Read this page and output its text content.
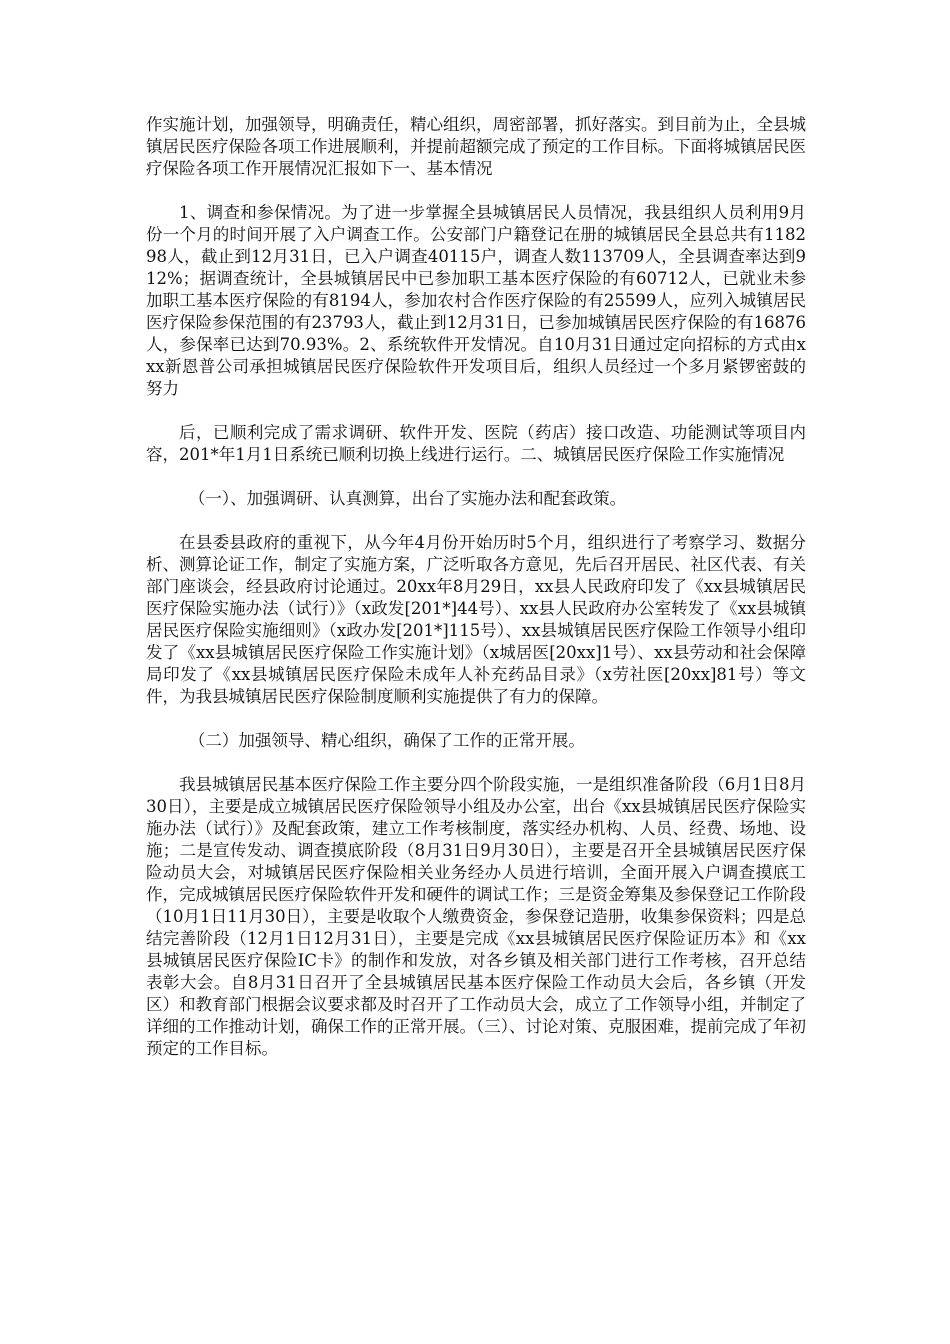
作实施计划，加强领导，明确责任，精心组织，周密部署，抓好落实。到目前为止，全县城镇居民医疗保险各项工作进展顺利，并提前超额完成了预定的工作目标。下面将城镇居民医疗保险各项工作开展情况汇报如下一、基本情况

1、调查和参保情况。为了进一步掌握全县城镇居民人员情况，我县组织人员利用9月份一个月的时间开展了入户调查工作。公安部门户籍登记在册的城镇居民全县总共有118298人，截止到12月31日，已入户调查40115户，调查人数113709人，全县调查率达到912%；据调查统计，全县城镇居民中已参加职工基本医疗保险的有60712人，已就业未参加职工基本医疗保险的有8194人，参加农村合作医疗保险的有25599人，应列入城镇居民医疗保险参保范围的有23793人，截止到12月31日，已参加城镇居民医疗保险的有16876人，参保率已达到70.93%。2、系统软件开发情况。自10月31日通过定向招标的方式由xxx新恩普公司承担城镇居民医疗保险软件开发项目后，组织人员经过一个多月紧锣密鼓的努力

后，已顺利完成了需求调研、软件开发、医院（药店）接口改造、功能测试等项目内容，201*年1月1日系统已顺利切换上线进行运行。二、城镇居民医疗保险工作实施情况

（一）、加强调研、认真测算，出台了实施办法和配套政策。

在县委县政府的重视下，从今年4月份开始历时5个月，组织进行了考察学习、数据分析、测算论证工作，制定了实施方案，广泛听取各方意见，先后召开居民、社区代表、有关部门座谈会，经县政府讨论通过。20xx年8月29日，xx县人民政府印发了《xx县城镇居民医疗保险实施办法（试行）》（x政发[201*]44号）、xx县人民政府办公室转发了《xx县城镇居民医疗保险实施细则》（x政办发[201*]115号）、xx县城镇居民医疗保险工作领导小组印发了《xx县城镇居民医疗保险工作实施计划》（x城居医[20xx]1号）、xx县劳动和社会保障局印发了《xx县城镇居民医疗保险未成年人补充药品目录》（x劳社医[20xx]81号）等文件，为我县城镇居民医疗保险制度顺利实施提供了有力的保障。

（二）加强领导、精心组织，确保了工作的正常开展。

我县城镇居民基本医疗保险工作主要分四个阶段实施，一是组织准备阶段（6月1日8月30日），主要是成立城镇居民医疗保险领导小组及办公室，出台《xx县城镇居民医疗保险实施办法（试行）》及配套政策，建立工作考核制度，落实经办机构、人员、经费、场地、设施；二是宣传发动、调查摸底阶段（8月31日9月30日），主要是召开全县城镇居民医疗保险动员大会，对城镇居民医疗保险相关业务经办人员进行培训，全面开展入户调查摸底工作，完成城镇居民医疗保险软件开发和硬件的调试工作；三是资金筹集及参保登记工作阶段（10月1日11月30日），主要是收取个人缴费资金，参保登记造册，收集参保资料；四是总结完善阶段（12月1日12月31日），主要是完成《xx县城镇居民医疗保险证历本》和《xx县城镇居民医疗保险IC卡》的制作和发放，对各乡镇及相关部门进行工作考核，召开总结表彰大会。自8月31日召开了全县城镇居民基本医疗保险工作动员大会后，各乡镇（开发区）和教育部门根据会议要求都及时召开了工作动员大会，成立了工作领导小组，并制定了详细的工作推动计划，确保工作的正常开展。（三）、讨论对策、克服困难，提前完成了年初预定的工作目标。
